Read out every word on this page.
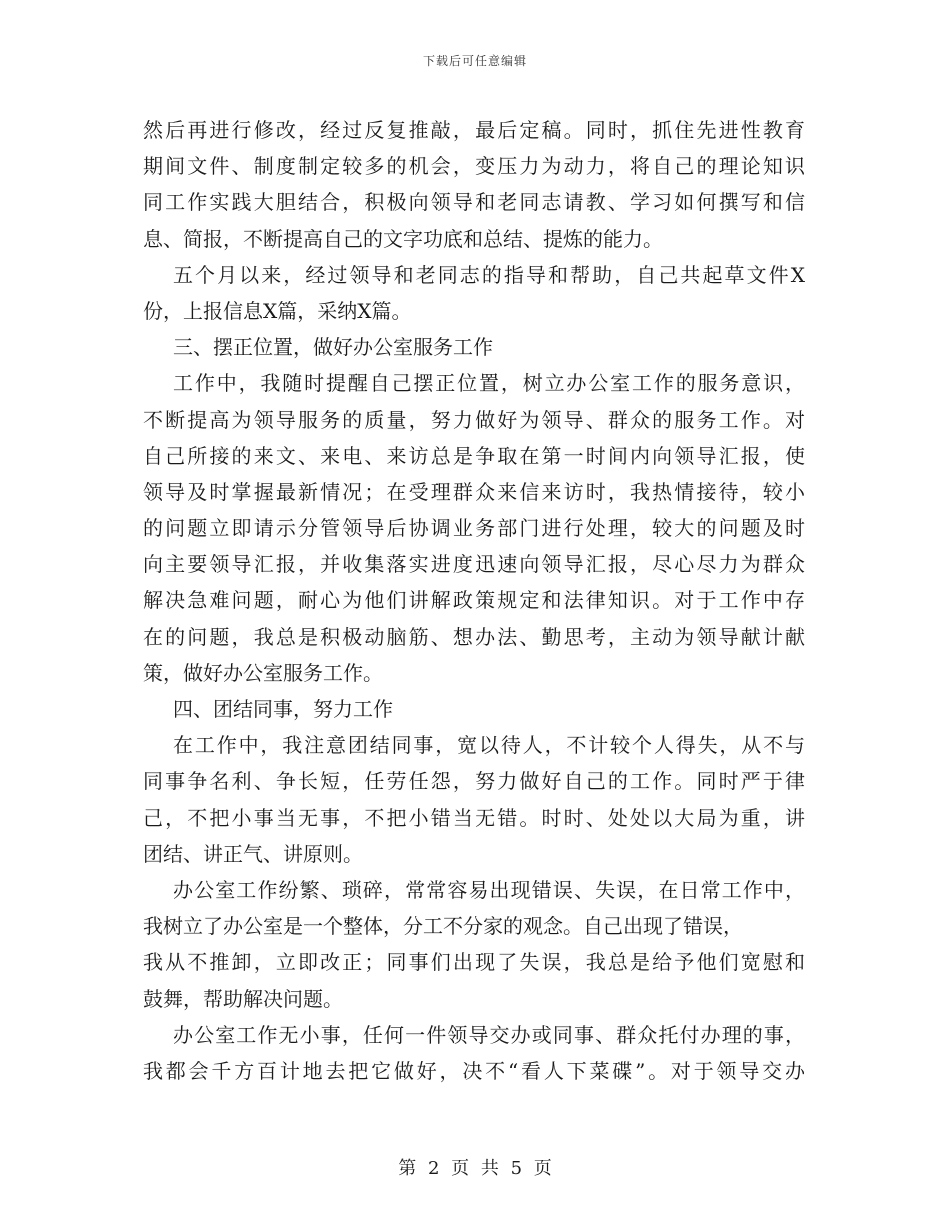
下载后可任意编辑
然后再进行修改，经过反复推敲，最后定稿。同时，抓住先进性教育
期间文件、制度制定较多的机会，变压力为动力，将自己的理论知识
同工作实践大胆结合，积极向领导和老同志请教、学习如何撰写和信
息、简报，不断提高自己的文字功底和总结、提炼的能力。
五个月以来，经过领导和老同志的指导和帮助，自己共起草文件X
份，上报信息X篇，采纳X篇。
三、摆正位置，做好办公室服务工作
工作中，我随时提醒自己摆正位置，树立办公室工作的服务意识，
不断提高为领导服务的质量，努力做好为领导、群众的服务工作。对
自己所接的来文、来电、来访总是争取在第一时间内向领导汇报，使
领导及时掌握最新情况；在受理群众来信来访时，我热情接待，较小
的问题立即请示分管领导后协调业务部门进行处理，较大的问题及时
向主要领导汇报，并收集落实进度迅速向领导汇报，尽心尽力为群众
解决急难问题，耐心为他们讲解政策规定和法律知识。对于工作中存
在的问题，我总是积极动脑筋、想办法、勤思考，主动为领导献计献
策，做好办公室服务工作。
四、团结同事，努力工作
在工作中，我注意团结同事，宽以待人，不计较个人得失，从不与
同事争名利、争长短，任劳任怨，努力做好自己的工作。同时严于律
己，不把小事当无事，不把小错当无错。时时、处处以大局为重，讲
团结、讲正气、讲原则。
办公室工作纷繁、琐碎，常常容易出现错误、失误，在日常工作中，
我树立了办公室是一个整体，分工不分家的观念。自己出现了错误，
我从不推卸，立即改正；同事们出现了失误，我总是给予他们宽慰和
鼓舞，帮助解决问题。
办公室工作无小事，任何一件领导交办或同事、群众托付办理的事，
我都会千方百计地去把它做好，决不“看人下菜碟”。对于领导交办
第 2 页 共 5 页
